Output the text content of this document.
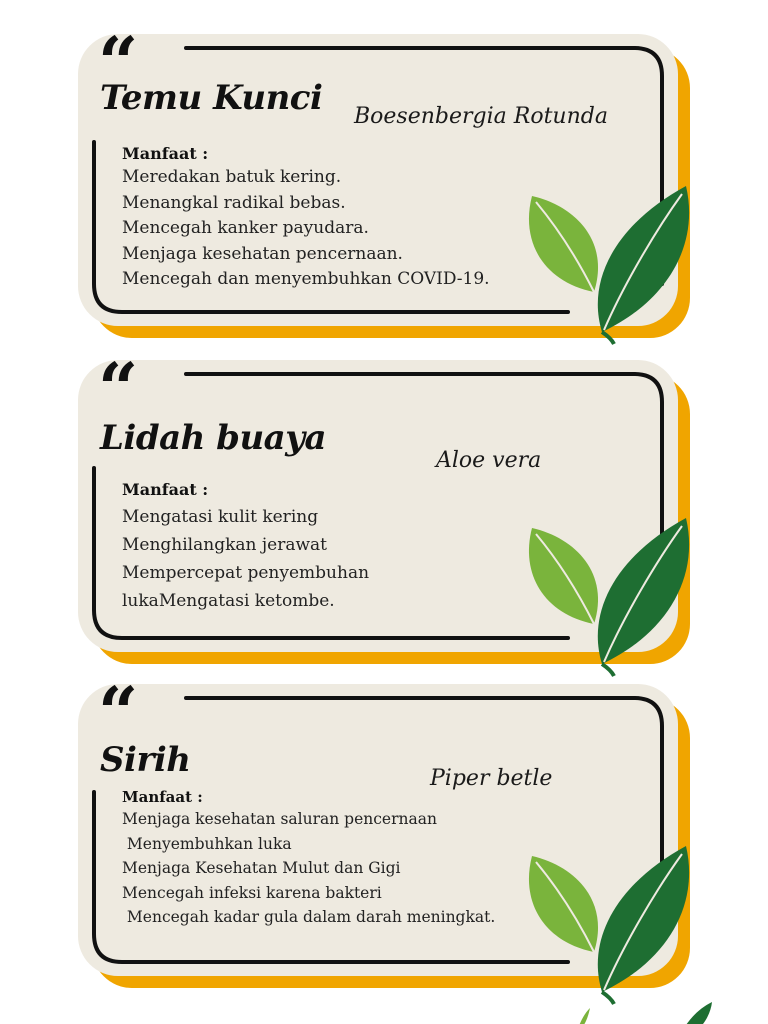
“
Temu Kunci Boesenbergia Rotunda
Manfaat :
Meredakan batuk kering.
Menangkal radikal bebas.
Mencegah kanker payudara.
Menjaga kesehatan pencernaan.
Mencegah dan menyembuhkan COVID-19.
“
Lidah buaya
Aloe vera
Manfaat :
Mengatasi kulit kering
Menghilangkan jerawat
Mempercepat penyembuhan
lukaMengatasi ketombe.
“
Sirih	Piper betle
Manfaat :
Menjaga kesehatan saluran pencernaan
Menyembuhkan luka
Menjaga Kesehatan Mulut dan Gigi
Mencegah infeksi karena bakteri
Mencegah kadar gula dalam darah meningkat.
